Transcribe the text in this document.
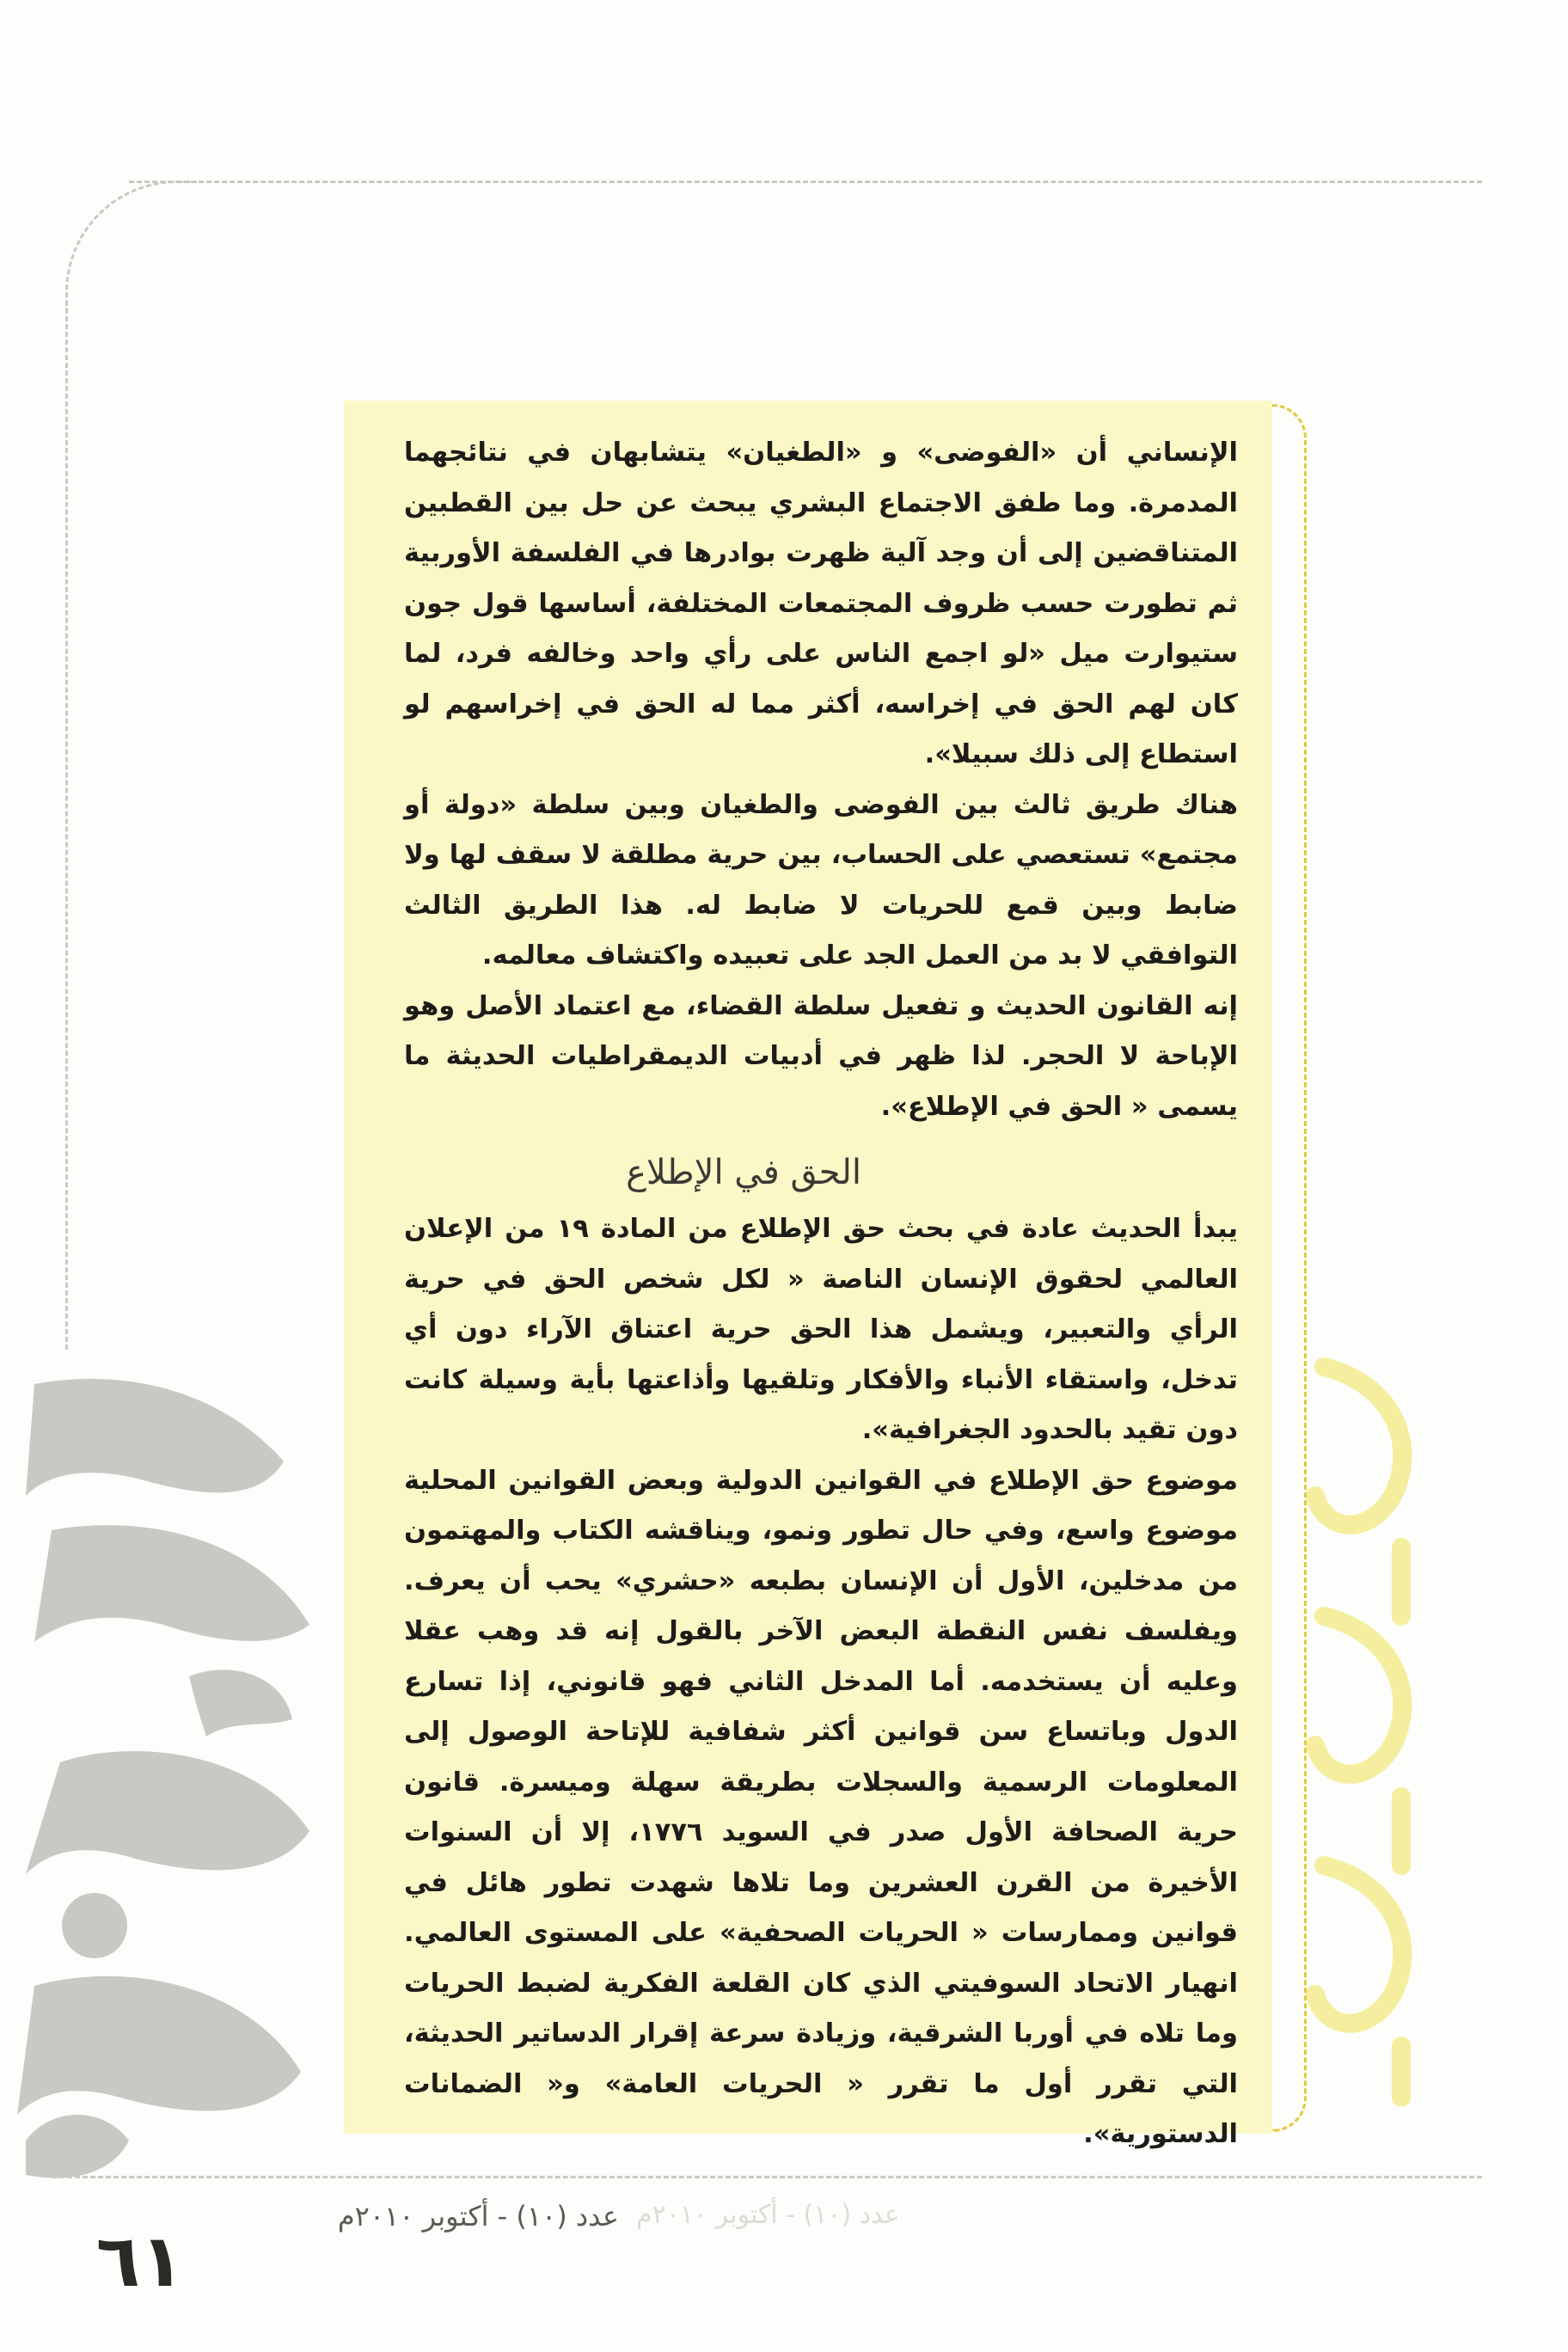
الإنساني أن «الفوضى» و «الطغيان» يتشابهان في نتائجهما المدمرة. وما طفق الاجتماع البشري يبحث عن حل بين القطبين المتناقضين إلى أن وجد آلية ظهرت بوادرها في الفلسفة الأوربية ثم تطورت حسب ظروف المجتمعات المختلفة، أساسها قول جون ستيوارت ميل «لو اجمع الناس على رأي واحد وخالفه فرد، لما كان لهم الحق في إخراسه، أكثر مما له الحق في إخراسهم لو استطاع إلى ذلك سبيلا».

هناك طريق ثالث بين الفوضى والطغيان وبين سلطة «دولة أو مجتمع» تستعصي على الحساب، بين حرية مطلقة لا سقف لها ولا ضابط وبين قمع للحريات لا ضابط له. هذا الطريق الثالث التوافقي لا بد من العمل الجد على تعبيده واكتشاف معالمه.

إنه القانون الحديث و تفعيل سلطة القضاء، مع اعتماد الأصل وهو الإباحة لا الحجر. لذا ظهر في أدبيات الديمقراطيات الحديثة ما يسمى « الحق في الإطلاع».

الحق في الإطلاع

يبدأ الحديث عادة في بحث حق الإطلاع من المادة ١٩ من الإعلان العالمي لحقوق الإنسان الناصة « لكل شخص الحق في حرية الرأي والتعبير، ويشمل هذا الحق حرية اعتناق الآراء دون أي تدخل، واستقاء الأنباء والأفكار وتلقيها وأذاعتها بأية وسيلة كانت دون تقيد بالحدود الجغرافية».

موضوع حق الإطلاع في القوانين الدولية وبعض القوانين المحلية موضوع واسع، وفي حال تطور ونمو، ويناقشه الكتاب والمهتمون من مدخلين، الأول أن الإنسان بطبعه «حشري» يحب أن يعرف. ويفلسف نفس النقطة البعض الآخر بالقول إنه قد وهب عقلا وعليه أن يستخدمه. أما المدخل الثاني فهو قانوني، إذا تسارع الدول وباتساع سن قوانين أكثر شفافية للإتاحة الوصول إلى المعلومات الرسمية والسجلات بطريقة سهلة وميسرة. قانون حرية الصحافة الأول صدر في السويد ١٧٧٦، إلا أن السنوات الأخيرة من القرن العشرين وما تلاها شهدت تطور هائل في قوانين وممارسات « الحريات الصحفية» على المستوى العالمي. انهيار الاتحاد السوفيتي الذي كان القلعة الفكرية لضبط الحريات وما تلاه في أوربا الشرقية، وزيادة سرعة إقرار الدساتير الحديثة، التي تقرر أول ما تقرر « الحريات العامة» و« الضمانات الدستورية».

عدد (١٠) - أكتوبر ٢٠١٠م
عدد (١٠) - أكتوبر ٢٠١٠م
٦١
